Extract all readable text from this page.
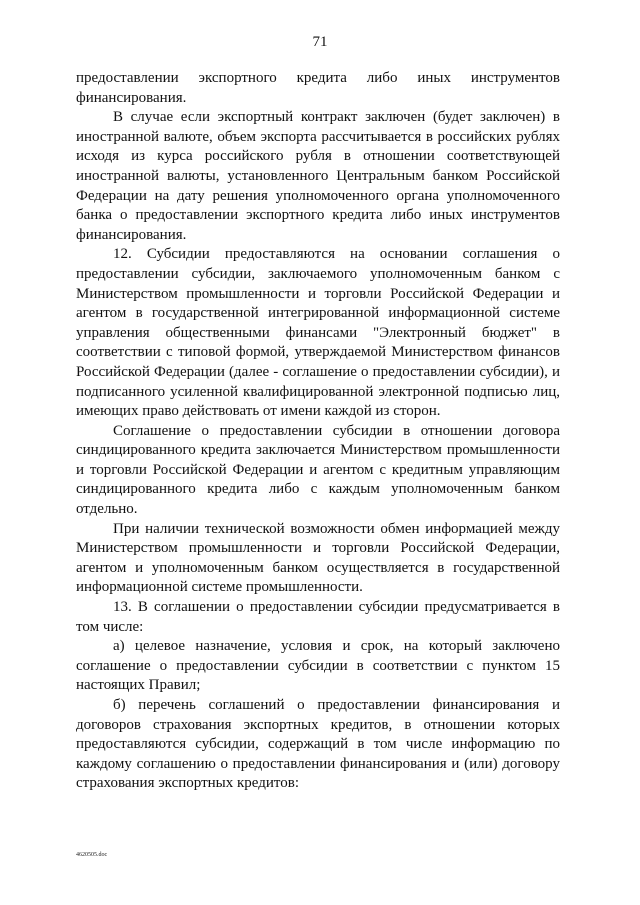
71

предоставлении экспортного кредита либо иных инструментов финансирования.

В случае если экспортный контракт заключен (будет заключен) в иностранной валюте, объем экспорта рассчитывается в российских рублях исходя из курса российского рубля в отношении соответствующей иностранной валюты, установленного Центральным банком Российской Федерации на дату решения уполномоченного органа уполномоченного банка о предоставлении экспортного кредита либо иных инструментов финансирования.

12. Субсидии предоставляются на основании соглашения о предоставлении субсидии, заключаемого уполномоченным банком с Министерством промышленности и торговли Российской Федерации и агентом в государственной интегрированной информационной системе управления общественными финансами "Электронный бюджет" в соответствии с типовой формой, утверждаемой Министерством финансов Российской Федерации (далее - соглашение о предоставлении субсидии), и подписанного усиленной квалифицированной электронной подписью лиц, имеющих право действовать от имени каждой из сторон.

Соглашение о предоставлении субсидии в отношении договора синдицированного кредита заключается Министерством промышленности и торговли Российской Федерации и агентом с кредитным управляющим синдицированного кредита либо с каждым уполномоченным банком отдельно.

При наличии технической возможности обмен информацией между Министерством промышленности и торговли Российской Федерации, агентом и уполномоченным банком осуществляется в государственной информационной системе промышленности.

13. В соглашении о предоставлении субсидии предусматривается в том числе:

а) целевое назначение, условия и срок, на который заключено соглашение о предоставлении субсидии в соответствии с пунктом 15 настоящих Правил;

б) перечень соглашений о предоставлении финансирования и договоров страхования экспортных кредитов, в отношении которых предоставляются субсидии, содержащий в том числе информацию по каждому соглашению о предоставлении финансирования и (или) договору страхования экспортных кредитов:

4620505.doc
